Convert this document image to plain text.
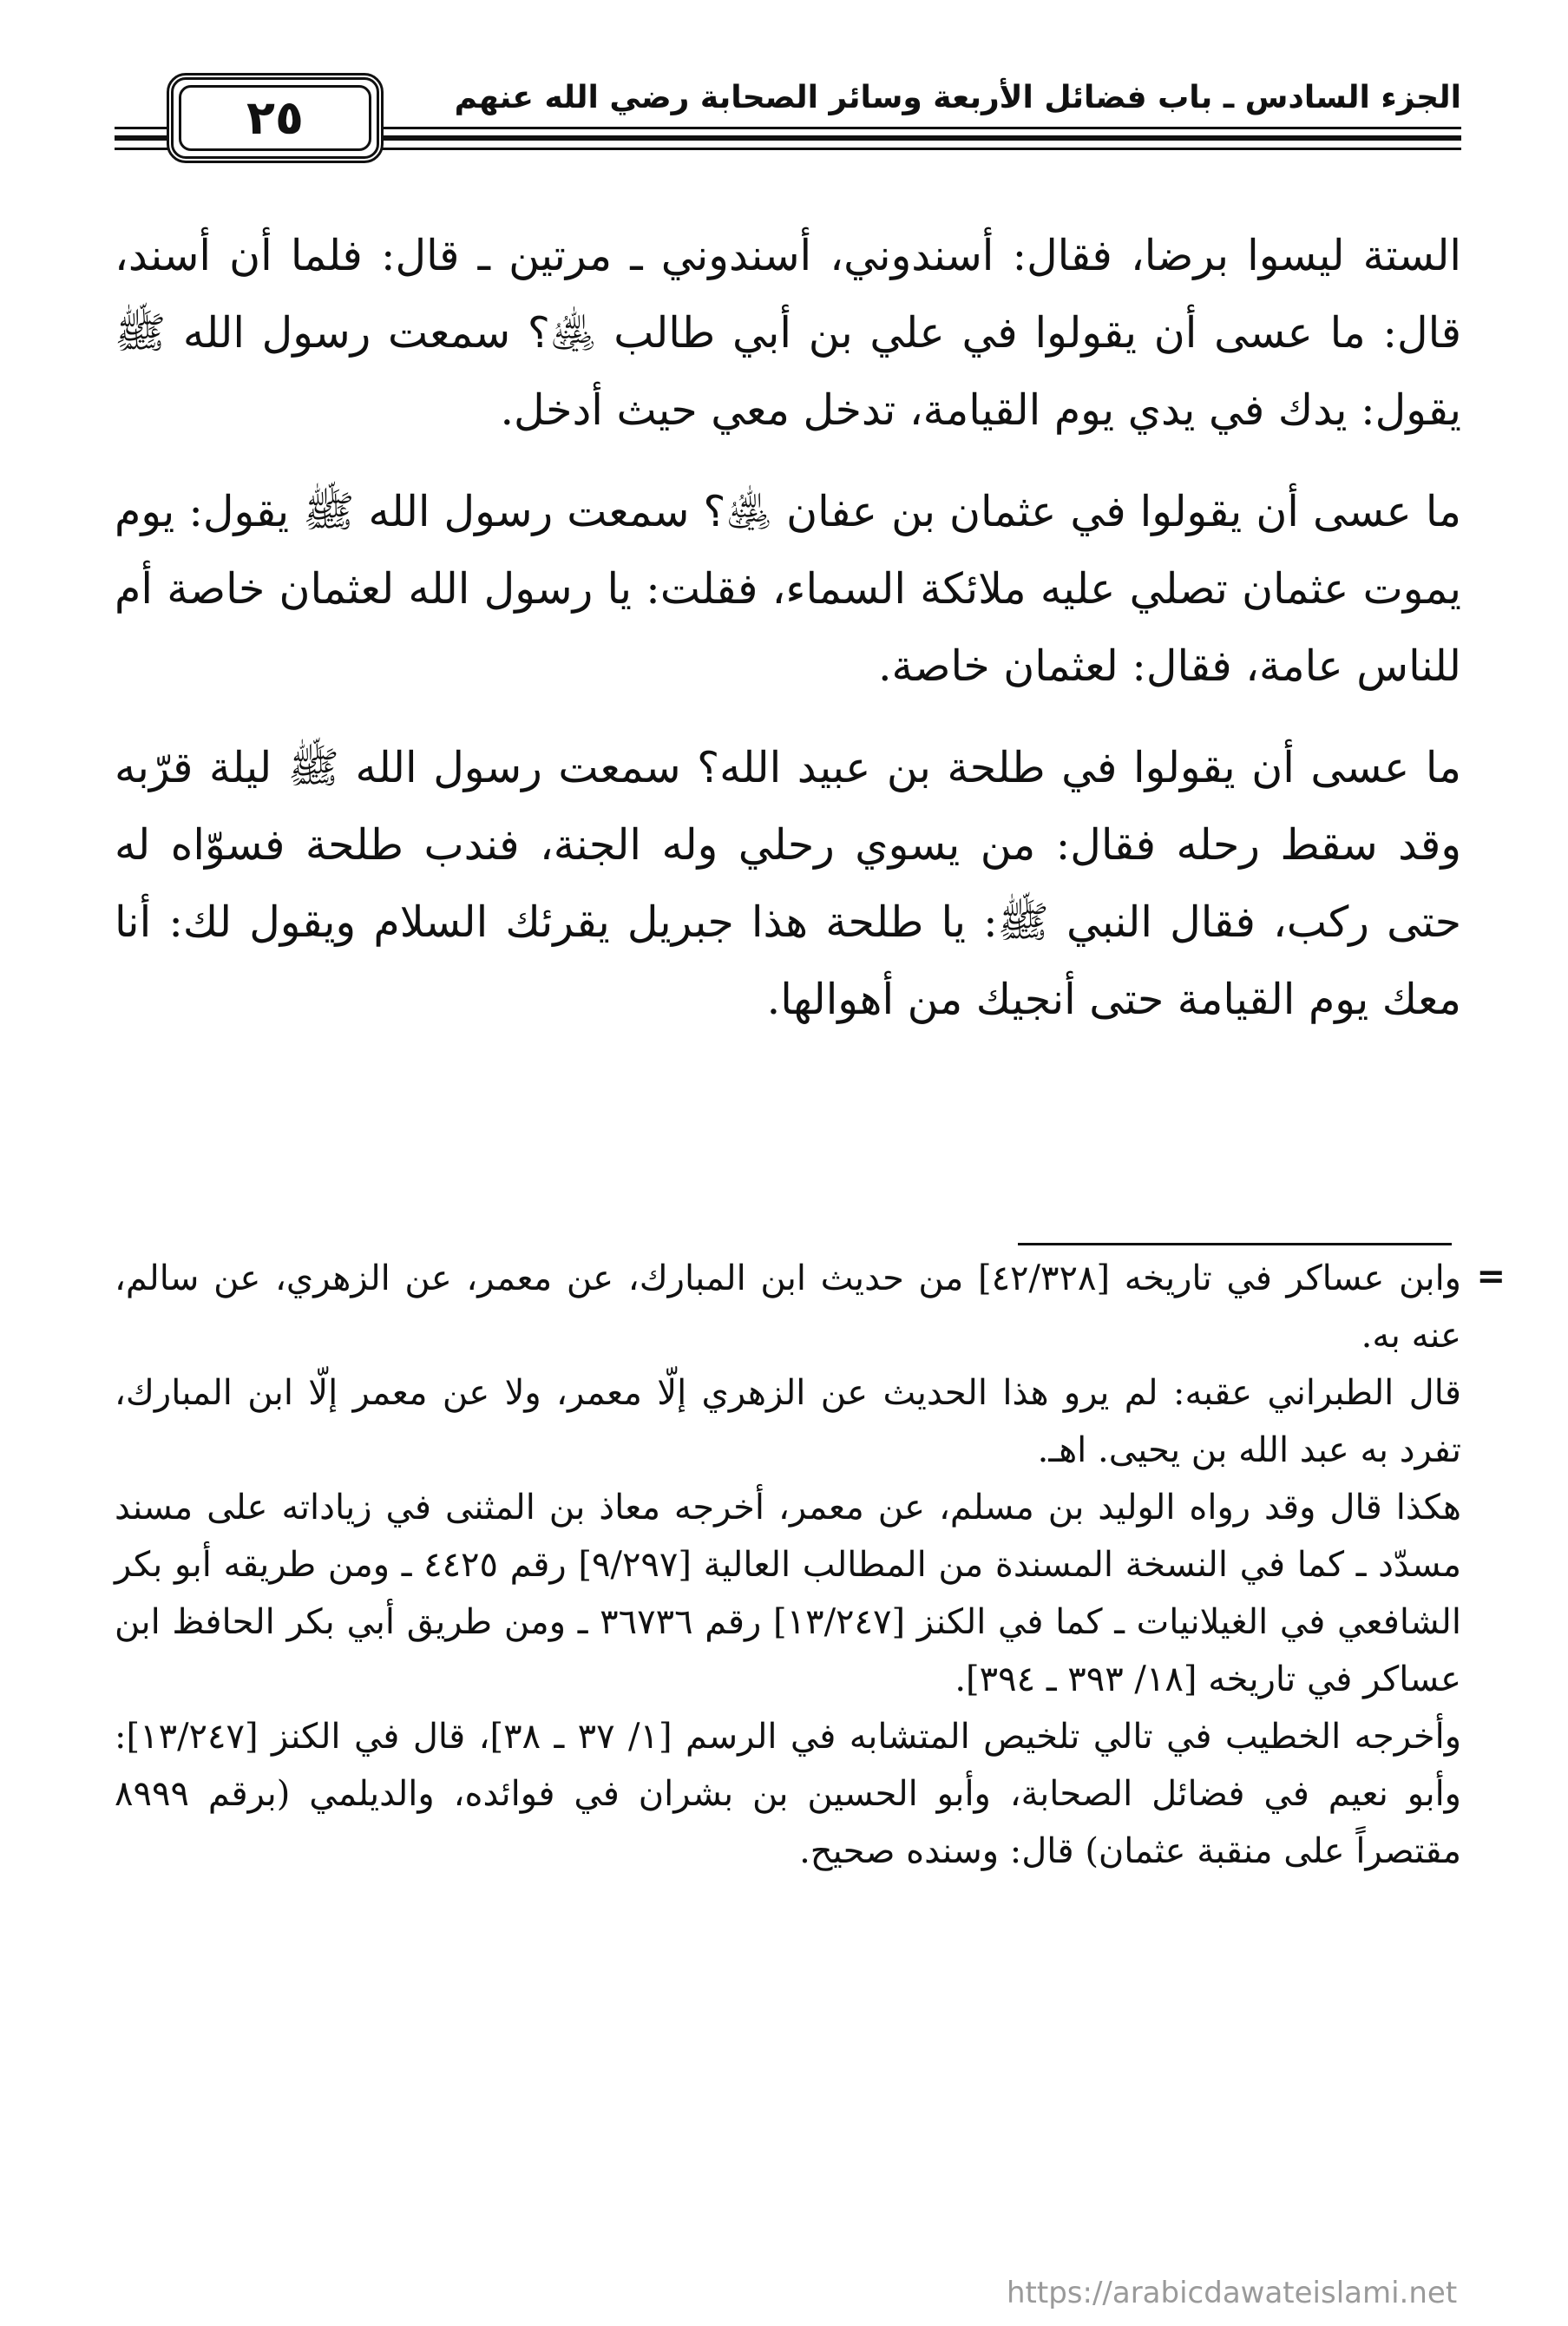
الجزء السادس ـ باب فضائل الأربعة وسائر الصحابة رضي الله عنهم
٢٥

الستة ليسوا برضا، فقال: أسندوني، أسندوني ـ مرتين ـ قال: فلما أن أسند، قال: ما عسى أن يقولوا في علي بن أبي طالب ﵁؟ سمعت رسول الله ﷺ يقول: يدك في يدي يوم القيامة، تدخل معي حيث أدخل.

ما عسى أن يقولوا في عثمان بن عفان ﵁؟ سمعت رسول الله ﷺ يقول: يوم يموت عثمان تصلي عليه ملائكة السماء، فقلت: يا رسول الله لعثمان خاصة أم للناس عامة، فقال: لعثمان خاصة.

ما عسى أن يقولوا في طلحة بن عبيد الله؟ سمعت رسول الله ﷺ ليلة قرّبه وقد سقط رحله فقال: من يسوي رحلي وله الجنة، فندب طلحة فسوّاه له حتى ركب، فقال النبي ﷺ: يا طلحة هذا جبريل يقرئك السلام ويقول لك: أنا معك يوم القيامة حتى أنجيك من أهوالها.

=

وابن عساكر في تاريخه [٤٢/٣٢٨] من حديث ابن المبارك، عن معمر، عن الزهري، عن سالم، عنه به.

قال الطبراني عقبه: لم يرو هذا الحديث عن الزهري إلّا معمر، ولا عن معمر إلّا ابن المبارك، تفرد به عبد الله بن يحيى. اهـ.

هكذا قال وقد رواه الوليد بن مسلم، عن معمر، أخرجه معاذ بن المثنى في زياداته على مسند مسدّد ـ كما في النسخة المسندة من المطالب العالية [٩/٢٩٧] رقم ٤٤٢٥ ـ ومن طريقه أبو بكر الشافعي في الغيلانيات ـ كما في الكنز [١٣/٢٤٧] رقم ٣٦٧٣٦ ـ ومن طريق أبي بكر الحافظ ابن عساكر في تاريخه [١٨/ ٣٩٣ ـ ٣٩٤].

وأخرجه الخطيب في تالي تلخيص المتشابه في الرسم [١/ ٣٧ ـ ٣٨]، قال في الكنز [١٣/٢٤٧]: وأبو نعيم في فضائل الصحابة، وأبو الحسين بن بشران في فوائده، والديلمي (برقم ٨٩٩٩ مقتصراً على منقبة عثمان) قال: وسنده صحيح.

https://arabicdawateislami.net
